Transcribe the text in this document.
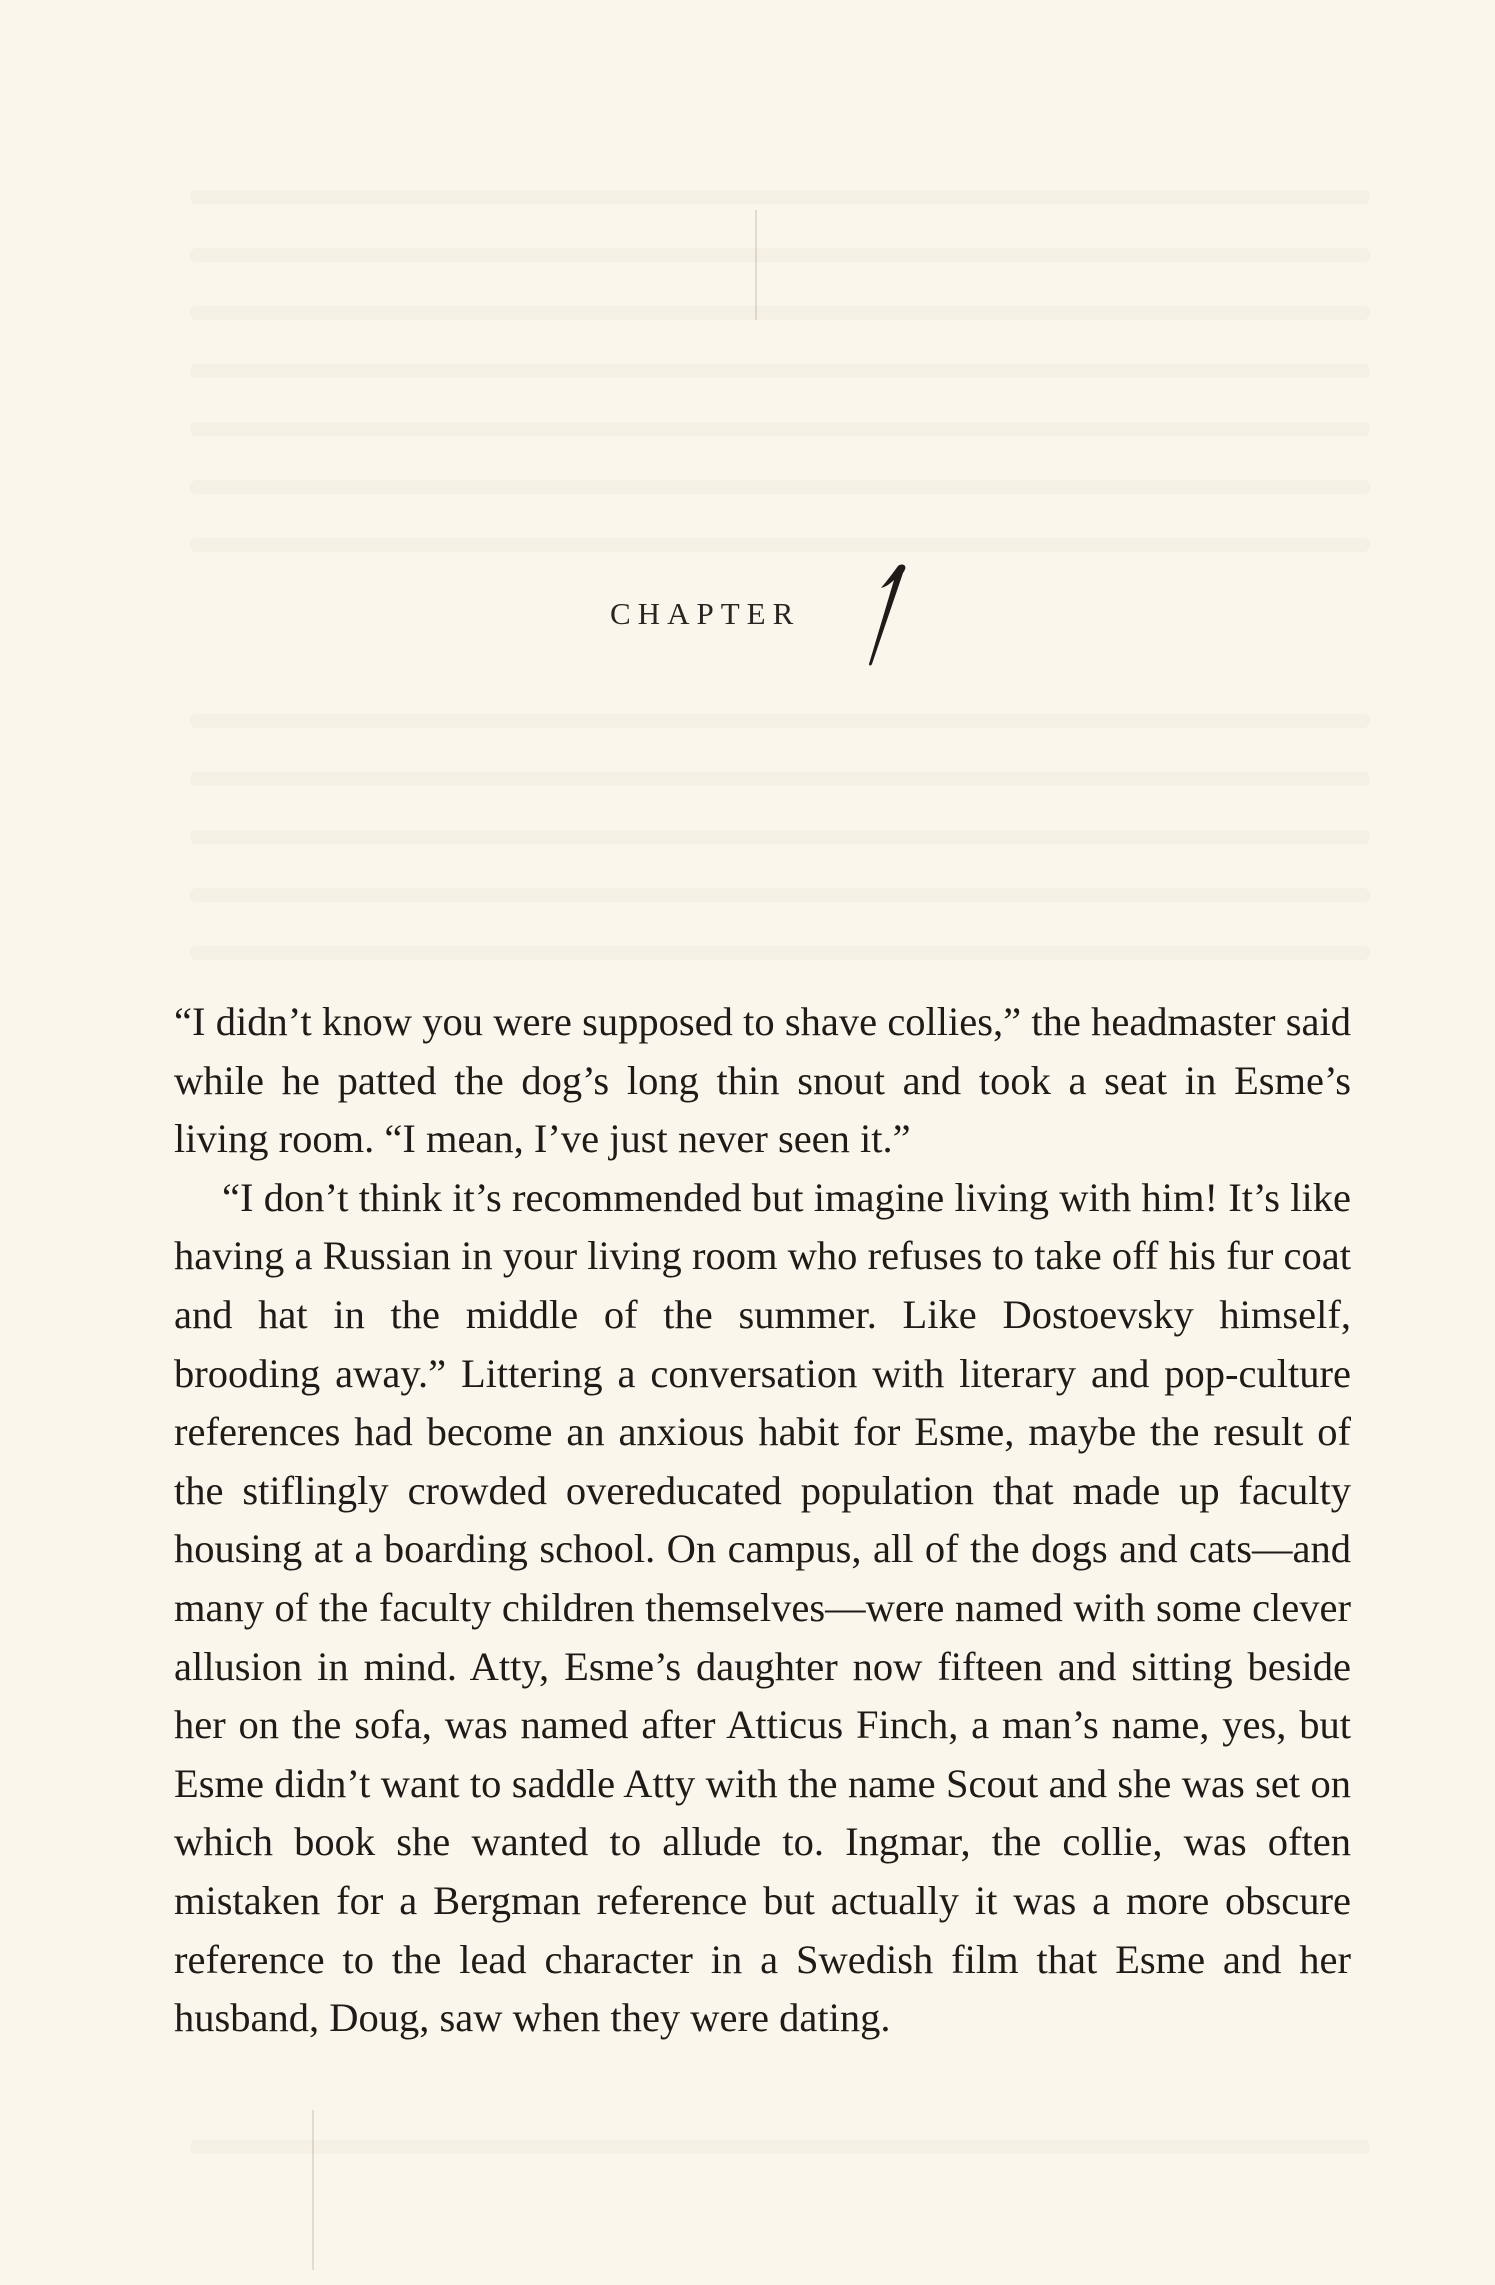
CHAPTER

“I didn’t know you were supposed to shave collies,” the headmaster said while he patted the dog’s long thin snout and took a seat in Esme’s living room. “I mean, I’ve just never seen it.”

“I don’t think it’s recommended but imagine living with him! It’s like having a Russian in your living room who refuses to take off his fur coat and hat in the middle of the summer. Like Dostoevsky himself, brooding away.” Littering a conversation with literary and pop-culture references had become an anxious habit for Esme, maybe the result of the stiflingly crowded overeducated population that made up faculty housing at a boarding school. On campus, all of the dogs and cats—and many of the faculty children themselves—were named with some clever allusion in mind. Atty, Esme’s daughter now fifteen and sitting beside her on the sofa, was named after Atticus Finch, a man’s name, yes, but Esme didn’t want to saddle Atty with the name Scout and she was set on which book she wanted to allude to. Ingmar, the collie, was often mistaken for a Bergman reference but actually it was a more obscure reference to the lead character in a Swedish film that Esme and her husband, Doug, saw when they were dating.
